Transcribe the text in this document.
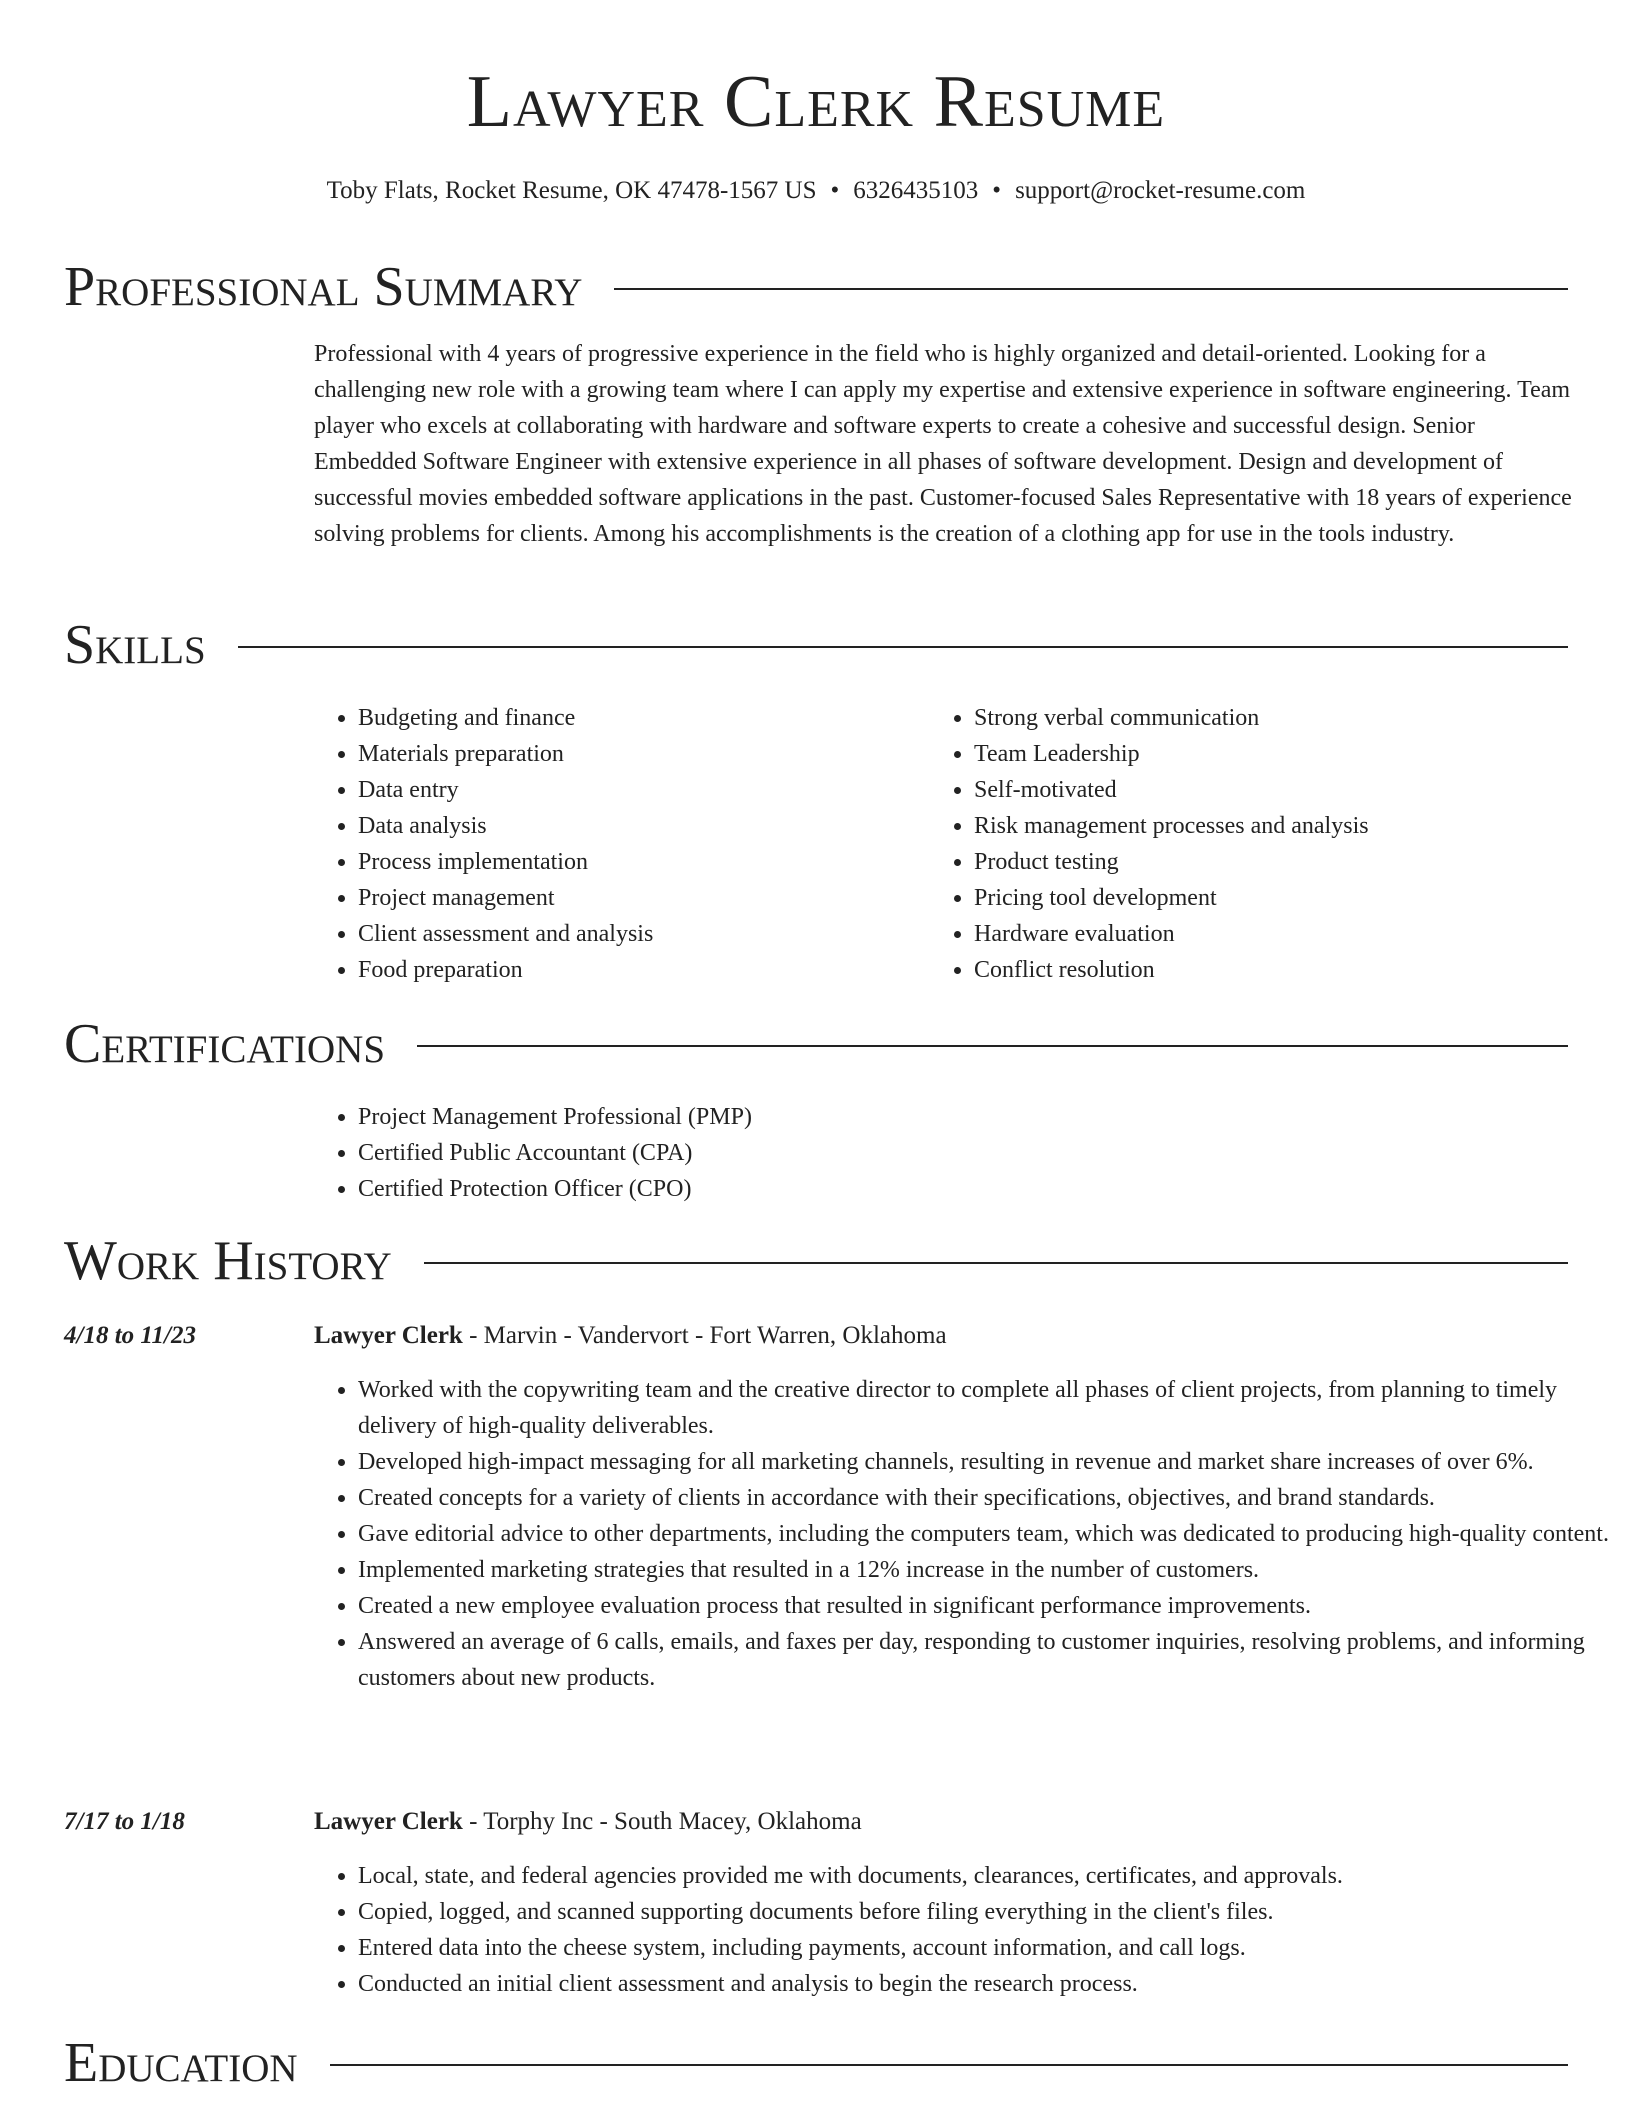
Lawyer Clerk Resume
Toby Flats, Rocket Resume, OK 47478-1567 US • 6326435103 • support@rocket-resume.com
Professional Summary
Professional with 4 years of progressive experience in the field who is highly organized and detail-oriented. Looking for a challenging new role with a growing team where I can apply my expertise and extensive experience in software engineering. Team player who excels at collaborating with hardware and software experts to create a cohesive and successful design. Senior Embedded Software Engineer with extensive experience in all phases of software development. Design and development of successful movies embedded software applications in the past. Customer-focused Sales Representative with 18 years of experience solving problems for clients. Among his accomplishments is the creation of a clothing app for use in the tools industry.
Skills
• Budgeting and finance
• Materials preparation
• Data entry
• Data analysis
• Process implementation
• Project management
• Client assessment and analysis
• Food preparation
• Strong verbal communication
• Team Leadership
• Self-motivated
• Risk management processes and analysis
• Product testing
• Pricing tool development
• Hardware evaluation
• Conflict resolution
Certifications
• Project Management Professional (PMP)
• Certified Public Accountant (CPA)
• Certified Protection Officer (CPO)
Work History
4/18 to 11/23	Lawyer Clerk - Marvin - Vandervort - Fort Warren, Oklahoma
• Worked with the copywriting team and the creative director to complete all phases of client projects, from planning to timely delivery of high-quality deliverables.
• Developed high-impact messaging for all marketing channels, resulting in revenue and market share increases of over 6%.
• Created concepts for a variety of clients in accordance with their specifications, objectives, and brand standards.
• Gave editorial advice to other departments, including the computers team, which was dedicated to producing high-quality content.
• Implemented marketing strategies that resulted in a 12% increase in the number of customers.
• Created a new employee evaluation process that resulted in significant performance improvements.
• Answered an average of 6 calls, emails, and faxes per day, responding to customer inquiries, resolving problems, and informing customers about new products.
7/17 to 1/18	Lawyer Clerk - Torphy Inc - South Macey, Oklahoma
• Local, state, and federal agencies provided me with documents, clearances, certificates, and approvals.
• Copied, logged, and scanned supporting documents before filing everything in the client's files.
• Entered data into the cheese system, including payments, account information, and call logs.
• Conducted an initial client assessment and analysis to begin the research process.
Education
